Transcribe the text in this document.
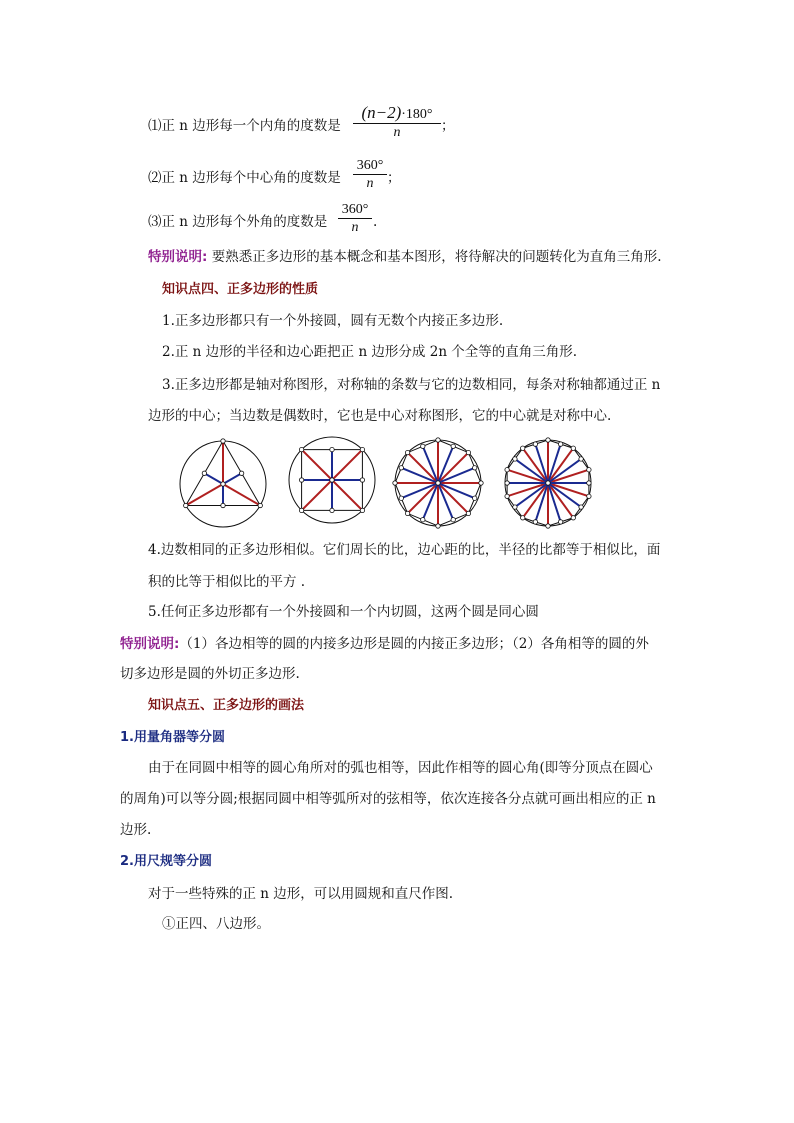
⑴正 n 边形每一个内角的度数是
(n−2)·180°
n	；
⑵正 n 边形每个中心角的度数是
360°
n	；
⑶正 n 边形每个外角的度数是
360°
n	.
特别说明: 要熟悉正多边形的基本概念和基本图形，将待解决的问题转化为直角三角形.
知识点四、正多边形的性质
1.正多边形都只有一个外接圆，圆有无数个内接正多边形.
2.正 n 边形的半径和边心距把正 n 边形分成 2n 个全等的直角三角形.
3.正多边形都是轴对称图形，对称轴的条数与它的边数相同，每条对称轴都通过正 n
边形的中心；当边数是偶数时，它也是中心对称图形，它的中心就是对称中心.
4.边数相同的正多边形相似。它们周长的比，边心距的比，半径的比都等于相似比，面
积的比等于相似比的平方 .
5.任何正多边形都有一个外接圆和一个内切圆，这两个圆是同心圆
特别说明:（1）各边相等的圆的内接多边形是圆的内接正多边形；（2）各角相等的圆的外
切多边形是圆的外切正多边形.
知识点五、正多边形的画法
1.用量角器等分圆
由于在同圆中相等的圆心角所对的弧也相等，因此作相等的圆心角(即等分顶点在圆心
的周角)可以等分圆;根据同圆中相等弧所对的弦相等，依次连接各分点就可画出相应的正 n
边形.
2.用尺规等分圆
对于一些特殊的正 n 边形，可以用圆规和直尺作图.
①正四、八边形。
